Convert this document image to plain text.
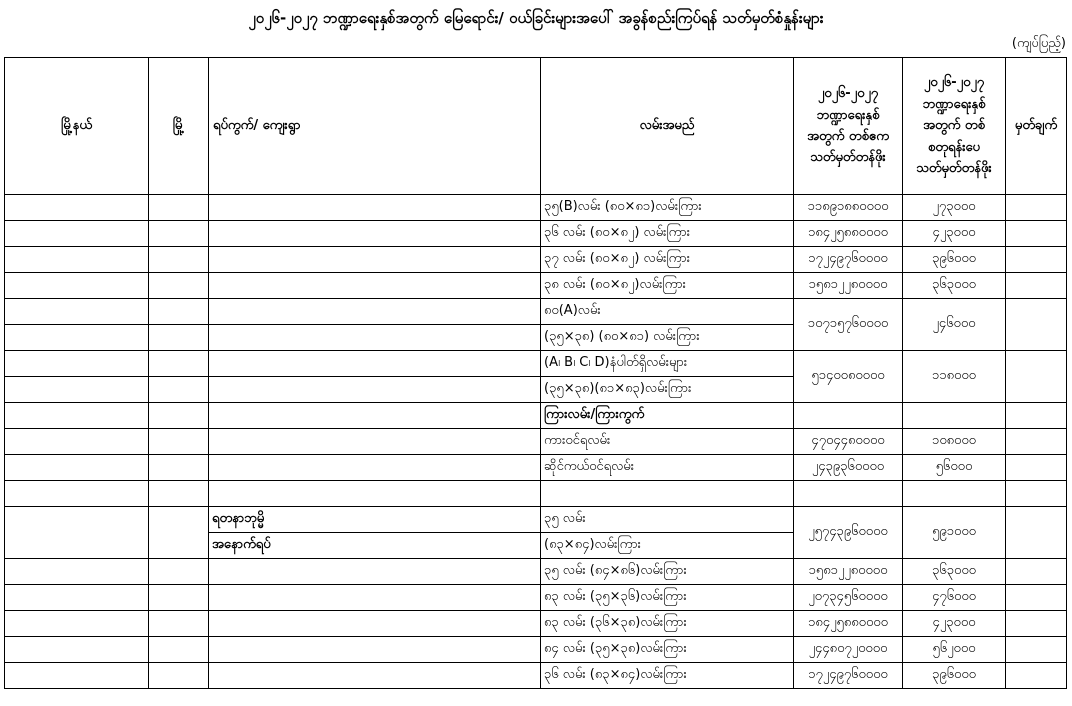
၂၀၂၆-၂၀၂၇ ဘဏ္ဍာရေးနှစ်အတွက် မြေရောင်း/ ဝယ်ခြင်းများအပေါ် အခွန်စည်းကြပ်ရန် သတ်မှတ်စံနှုန်းများ
(ကျပ်ပြည့်)
မြို့နယ်	မြို့	ရပ်ကွက်/ ကျေးရွာ	လမ်းအမည်	၂၀၂၆-၂၀၂၇ ဘဏ္ဍာရေးနှစ် အတွက် တစ်ဧက သတ်မှတ်တန်ဖိုး	၂၀၂၆-၂၀၂၇ ဘဏ္ဍာရေးနှစ် အတွက် တစ်စတုရန်းပေ သတ်မှတ်တန်ဖိုး	မှတ်ချက်
			၃၅(B)လမ်း (၈၀×၈၁)လမ်းကြား	၁၁၈၉၁၈၈၀၀၀၀	၂၇၃၀၀၀	
			၃၆ လမ်း (၈၀×၈၂) လမ်းကြား	၁၈၄၂၅၈၈၀၀၀၀	၄၂၃၀၀၀	
			၃၇ လမ်း (၈၀×၈၂) လမ်းကြား	၁၇၂၄၉၇၆၀၀၀၀	၃၉၆၀၀၀	
			၃၈ လမ်း (၈၀×၈၂)လမ်းကြား	၁၅၈၁၂၂၈၀၀၀၀	၃၆၃၀၀၀	
			၈၀(A)လမ်း	၁၀၇၁၅၇၆၀၀၀၀	၂၄၆၀၀၀	
			(၃၅×၃၈) (၈၀×၈၁) လမ်းကြား			
			(A၊ B၊ C၊ D)နံပါတ်ရှိလမ်းများ	၅၁၄၀၀၈၀၀၀၀	၁၁၈၀၀၀	
			(၃၅×၃၈)(၈၁×၈၃)လမ်းကြား			
			ကြားလမ်း/ကြားကွက်			
			ကားဝင်ရလမ်း	၄၇၀၄၄၈၀၀၀၀	၁၀၈၀၀၀	
			ဆိုင်ကယ်ဝင်ရလမ်း	၂၄၃၉၃၆၀၀၀၀	၅၆၀၀၀	

		ရတနာဘုမ္မိ	၃၅ လမ်း	၂၅၇၄၃၉၆၀၀၀၀	၅၉၁၀၀၀	
		အနောက်ရပ်	(၈၃×၈၄)လမ်းကြား			
			၃၅ လမ်း (၈၄×၈၆)လမ်းကြား	၁၅၈၁၂၂၈၀၀၀၀	၃၆၃၀၀၀	
			၈၃ လမ်း (၃၅×၃၆)လမ်းကြား	၂၀၇၃၄၅၆၀၀၀၀	၄၇၆၀၀၀	
			၈၃ လမ်း (၃၆×၃၈)လမ်းကြား	၁၈၄၂၅၈၈၀၀၀၀	၄၂၃၀၀၀	
			၈၄ လမ်း (၃၅×၃၈)လမ်းကြား	၂၄၄၈၀၇၂၀၀၀၀	၅၆၂၀၀၀	
			၃၆ လမ်း (၈၃×၈၄)လမ်းကြား	၁၇၂၄၉၇၆၀၀၀၀	၃၉၆၀၀၀	
